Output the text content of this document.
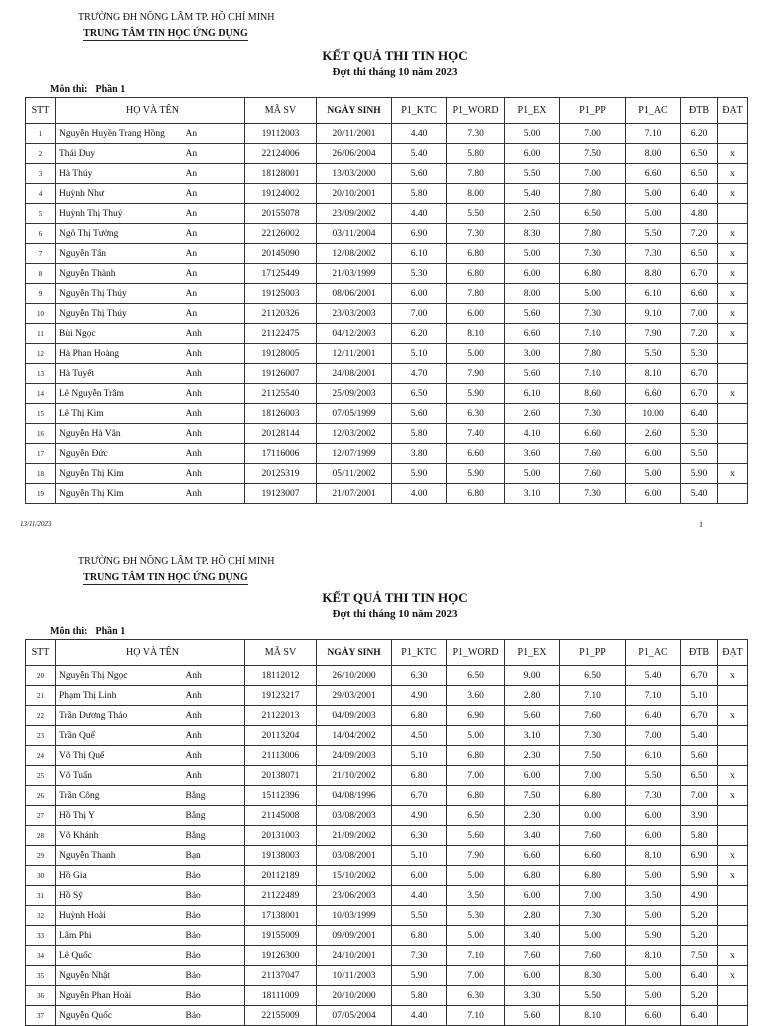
TRƯỜNG ĐH NÔNG LÂM TP. HỒ CHÍ MINH
TRUNG TÂM TIN HỌC ỨNG DỤNG
KẾT QUẢ THI TIN HỌC
Đợt thi tháng 10 năm 2023
Môn thi: Phần 1
STT	HỌ VÀ TÊN		MÃ SV	NGÀY SINH	P1_KTC	P1_WORD	P1_EX	P1_PP	P1_AC	ĐTB	ĐẠT
1	Nguyễn Huyền Trang Hồng	An	19112003	20/11/2001	4.40	7.30	5.00	7.00	7.10	6.20	
2	Thái Duy	An	22124006	26/06/2004	5.40	5.80	6.00	7.50	8.00	6.50	x
3	Hà Thúy	An	18128001	13/03/2000	5.60	7.80	5.50	7.00	6.60	6.50	x
4	Huỳnh Như	An	19124002	20/10/2001	5.80	8.00	5.40	7.80	5.00	6.40	x
5	Huỳnh Thị Thuý	An	20155078	23/09/2002	4.40	5.50	2.50	6.50	5.00	4.80	
6	Ngô Thị Tường	An	22126002	03/11/2004	6.90	7.30	8.30	7.80	5.50	7.20	x
7	Nguyễn Tấn	An	20145090	12/08/2002	6.10	6.80	5.00	7.30	7.30	6.50	x
8	Nguyễn Thành	An	17125449	21/03/1999	5.30	6.80	6.00	6.80	8.80	6.70	x
9	Nguyễn Thị Thúy	An	19125003	08/06/2001	6.00	7.80	8.00	5.00	6.10	6.60	x
10	Nguyễn Thị Thúy	An	21120326	23/03/2003	7.00	6.00	5.60	7.30	9.10	7.00	x
11	Bùi Ngọc	Anh	21122475	04/12/2003	6.20	8.10	6.60	7.10	7.90	7.20	x
12	Hà Phan Hoàng	Anh	19128005	12/11/2001	5.10	5.00	3.00	7.80	5.50	5.30	
13	Hà Tuyết	Anh	19126007	24/08/2001	4.70	7.90	5.60	7.10	8.10	6.70	
14	Lê Nguyễn Trâm	Anh	21125540	25/09/2003	6.50	5.90	6.10	8.60	6.60	6.70	x
15	Lê Thị Kim	Anh	18126003	07/05/1999	5.60	6.30	2.60	7.30	10.00	6.40	
16	Nguyễn Hà Vân	Anh	20128144	12/03/2002	5.80	7.40	4.10	6.60	2.60	5.30	
17	Nguyễn Đức	Anh	17116006	12/07/1999	3.80	6.60	3.60	7.60	6.00	5.50	
18	Nguyễn Thị Kim	Anh	20125319	05/11/2002	5.90	5.90	5.00	7.60	5.00	5.90	x
19	Nguyễn Thị Kim	Anh	19123007	21/07/2001	4.00	6.80	3.10	7.30	6.00	5.40	
13/11/2023	1
TRƯỜNG ĐH NÔNG LÂM TP. HỒ CHÍ MINH
TRUNG TÂM TIN HỌC ỨNG DỤNG
KẾT QUẢ THI TIN HỌC
Đợt thi tháng 10 năm 2023
Môn thi: Phần 1
STT	HỌ VÀ TÊN		MÃ SV	NGÀY SINH	P1_KTC	P1_WORD	P1_EX	P1_PP	P1_AC	ĐTB	ĐẠT
20	Nguyễn Thị Ngọc	Anh	18112012	26/10/2000	6.30	6.50	9.00	6.50	5.40	6.70	x
21	Phạm Thị Linh	Anh	19123217	29/03/2001	4.90	3.60	2.80	7.10	7.10	5.10	
22	Trần Dương Thảo	Anh	21122013	04/09/2003	6.80	6.90	5.60	7.60	6.40	6.70	x
23	Trần Quế	Anh	20113204	14/04/2002	4.50	5.00	3.10	7.30	7.00	5.40	
24	Võ Thị Quế	Anh	21113006	24/09/2003	5.10	6.80	2.30	7.50	6.10	5.60	
25	Võ Tuấn	Anh	20138071	21/10/2002	6.80	7.00	6.00	7.00	5.50	6.50	x
26	Trần Công	Bằng	15112396	04/08/1996	6.70	6.80	7.50	6.80	7.30	7.00	x
27	Hồ Thị Y	Bằng	21145008	03/08/2003	4.90	6.50	2.30	0.00	6.00	3.90	
28	Võ Khánh	Bằng	20131003	21/09/2002	6.30	5.60	3.40	7.60	6.00	5.80	
29	Nguyễn Thanh	Bạn	19138003	03/08/2001	5.10	7.90	6.60	6.60	8.10	6.90	x
30	Hồ Gia	Bảo	20112189	15/10/2002	6.00	5.00	6.80	6.80	5.00	5.90	x
31	Hồ Sỹ	Bảo	21122489	23/06/2003	4.40	3.50	6.00	7.00	3.50	4.90	
32	Huỳnh Hoài	Bảo	17138001	10/03/1999	5.50	5.30	2.80	7.30	5.00	5.20	
33	Lâm Phi	Bảo	19155009	09/09/2001	6.80	5.00	3.40	5.00	5.90	5.20	
34	Lê Quốc	Bảo	19126300	24/10/2001	7.30	7.10	7.60	7.60	8.10	7.50	x
35	Nguyễn Nhật	Bảo	21137047	10/11/2003	5.90	7.00	6.00	8.30	5.00	6.40	x
36	Nguyễn Phan Hoài	Bảo	18111009	20/10/2000	5.80	6.30	3.30	5.50	5.00	5.20	
37	Nguyễn Quốc	Bảo	22155009	07/05/2004	4.40	7.10	5.60	8.10	6.60	6.40	
